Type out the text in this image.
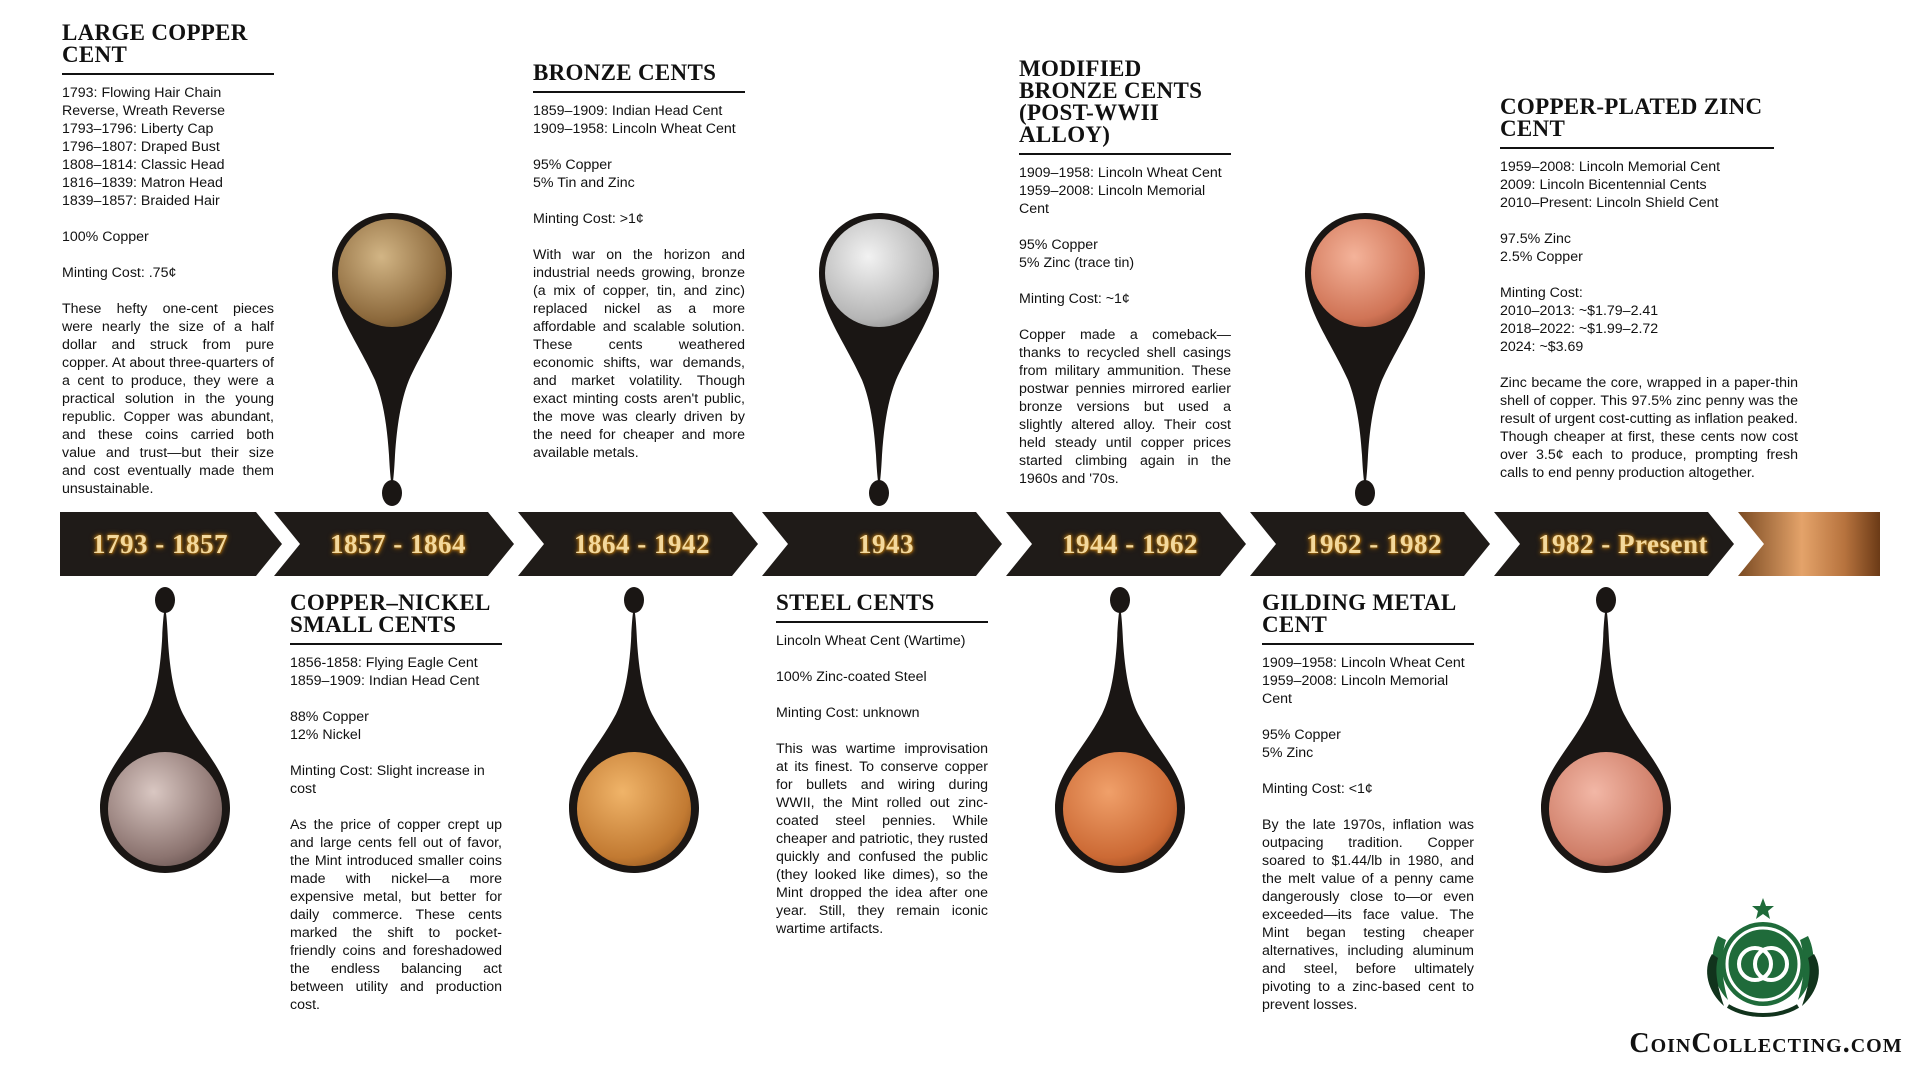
LARGE COPPER CENT
1793: Flowing Hair Chain Reverse, Wreath Reverse
1793–1796: Liberty Cap
1796–1807: Draped Bust
1808–1814: Classic Head
1816–1839: Matron Head
1839–1857: Braided Hair
100% Copper
Minting Cost: .75¢
These hefty one-cent pieces were nearly the size of a half dollar and struck from pure copper. At about three-quarters of a cent to produce, they were a practical solution in the young republic. Copper was abundant, and these coins carried both value and trust—but their size and cost eventually made them unsustainable.
COPPER–NICKEL SMALL CENTS
1856-1858: Flying Eagle Cent
1859–1909: Indian Head Cent
88% Copper
12% Nickel
Minting Cost: Slight increase in cost
As the price of copper crept up and large cents fell out of favor, the Mint introduced smaller coins made with nickel—a more expensive metal, but better for daily commerce. These cents marked the shift to pocket-friendly coins and foreshadowed the endless balancing act between utility and production cost.
BRONZE CENTS
1859–1909: Indian Head Cent
1909–1958: Lincoln Wheat Cent
95% Copper
5% Tin and Zinc
Minting Cost: >1¢
With war on the horizon and industrial needs growing, bronze (a mix of copper, tin, and zinc) replaced nickel as a more affordable and scalable solution. These cents weathered economic shifts, war demands, and market volatility. Though exact minting costs aren't public, the move was clearly driven by the need for cheaper and more available metals.
STEEL CENTS
Lincoln Wheat Cent (Wartime)
100% Zinc-coated Steel
Minting Cost: unknown
This was wartime improvisation at its finest. To conserve copper for bullets and wiring during WWII, the Mint rolled out zinc-coated steel pennies. While cheaper and patriotic, they rusted quickly and confused the public (they looked like dimes), so the Mint dropped the idea after one year. Still, they remain iconic wartime artifacts.
MODIFIED BRONZE CENTS (POST-WWII ALLOY)
1909–1958: Lincoln Wheat Cent
1959–2008: Lincoln Memorial Cent
95% Copper
5% Zinc (trace tin)
Minting Cost: ~1¢
Copper made a comeback—thanks to recycled shell casings from military ammunition. These postwar pennies mirrored earlier bronze versions but used a slightly altered alloy. Their cost held steady until copper prices started climbing again in the 1960s and '70s.
GILDING METAL CENT
1909–1958: Lincoln Wheat Cent
1959–2008: Lincoln Memorial Cent
95% Copper
5% Zinc
Minting Cost: <1¢
By the late 1970s, inflation was outpacing tradition. Copper soared to $1.44/lb in 1980, and the melt value of a penny came dangerously close to—or even exceeded—its face value. The Mint began testing cheaper alternatives, including aluminum and steel, before ultimately pivoting to a zinc-based cent to prevent losses.
COPPER-PLATED ZINC CENT
1959–2008: Lincoln Memorial Cent
2009: Lincoln Bicentennial Cents
2010–Present: Lincoln Shield Cent
97.5% Zinc
2.5% Copper
Minting Cost:
2010–2013: ~$1.79–2.41
2018–2022: ~$1.99–2.72
2024: ~$3.69
Zinc became the core, wrapped in a paper-thin shell of copper. This 97.5% zinc penny was the result of urgent cost-cutting as inflation peaked. Though cheaper at first, these cents now cost over 3.5¢ each to produce, prompting fresh calls to end penny production altogether.
1793 - 1857	1857 - 1864	1864 - 1942	1943	1944 - 1962	1962 - 1982	1982 - Present
CoinCollecting.com
